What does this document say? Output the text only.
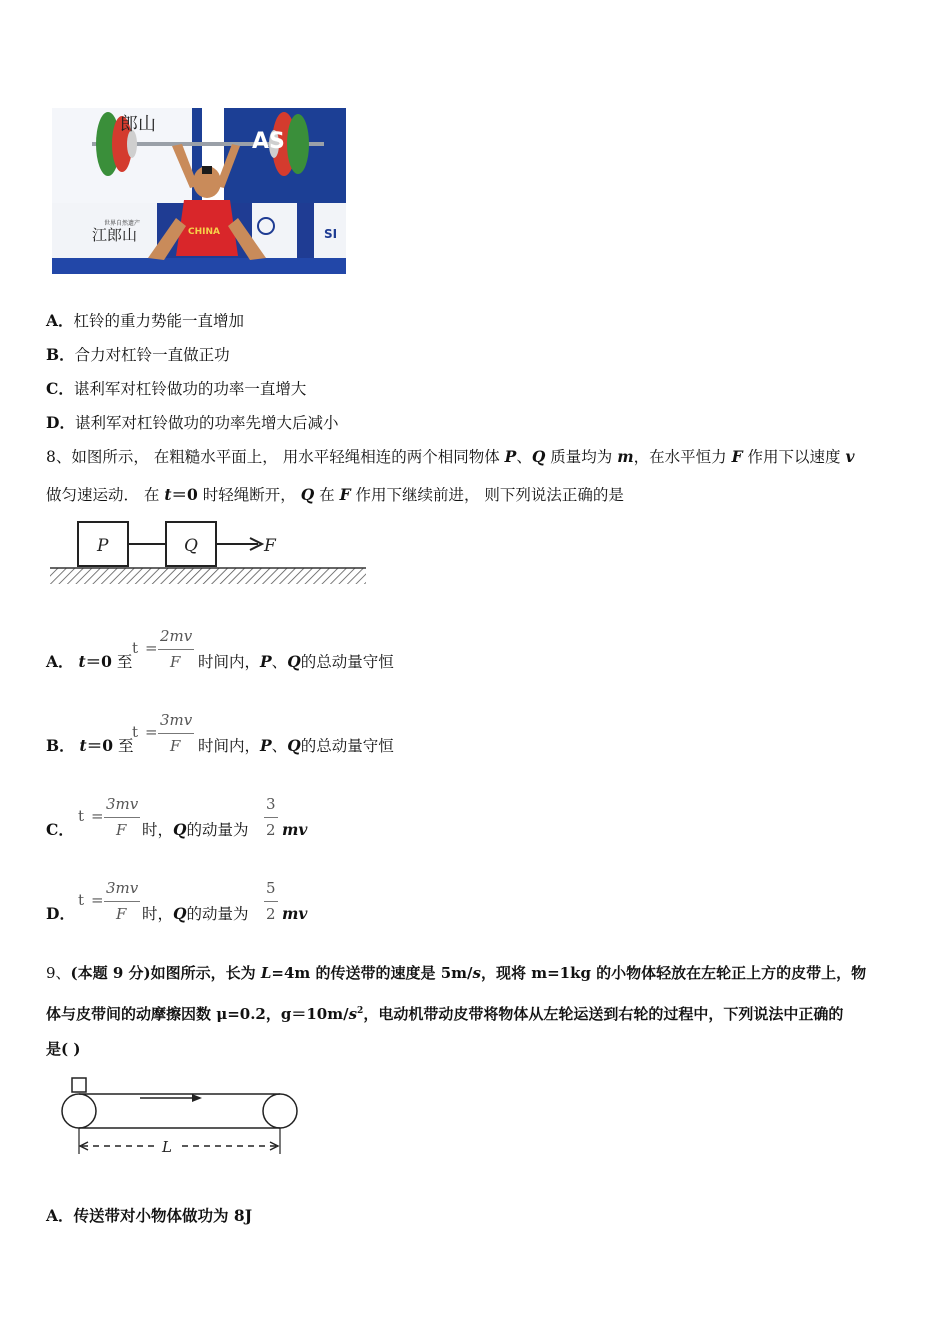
CHINA
郎山
AS
世界自然遗产
江郎山	SI
A．杠铃的重力势能一直增加
B．合力对杠铃一直做正功
C．谌利军对杠铃做功的功率一直增大
D．谌利军对杠铃做功的功率先增大后减小
8、如图所示， 在粗糙水平面上， 用水平轻绳相连的两个相同物体 P、Q 质量均为 m，在水平恒力 F 作用下以速度 v
做匀速运动． 在 t＝0 时轻绳断开， Q 在 F 作用下继续前进， 则下列说法正确的是
P	Q	F
A． t＝0 至
t =
2mv
F 时间内，P、Q的总动量守恒
B． t＝0 至
t =
3mv
F 时间内，P、Q的总动量守恒
C．
t =
3mv
F 时，Q的动量为
3
2 mv
D．
t =
3mv
F 时，Q的动量为
5
2 mv
9、(本题 9 分)如图所示，长为 L=4m 的传送带的速度是 5m/s，现将 m=1kg 的小物体轻放在左轮正上方的皮带上，物
体与皮带间的动摩擦因数 μ=0.2，$g=10m/s^2$，电动机带动皮带将物体从左轮运送到右轮的过程中，下列说法中正确的
是( )
L
A．传送带对小物体做功为 8J
